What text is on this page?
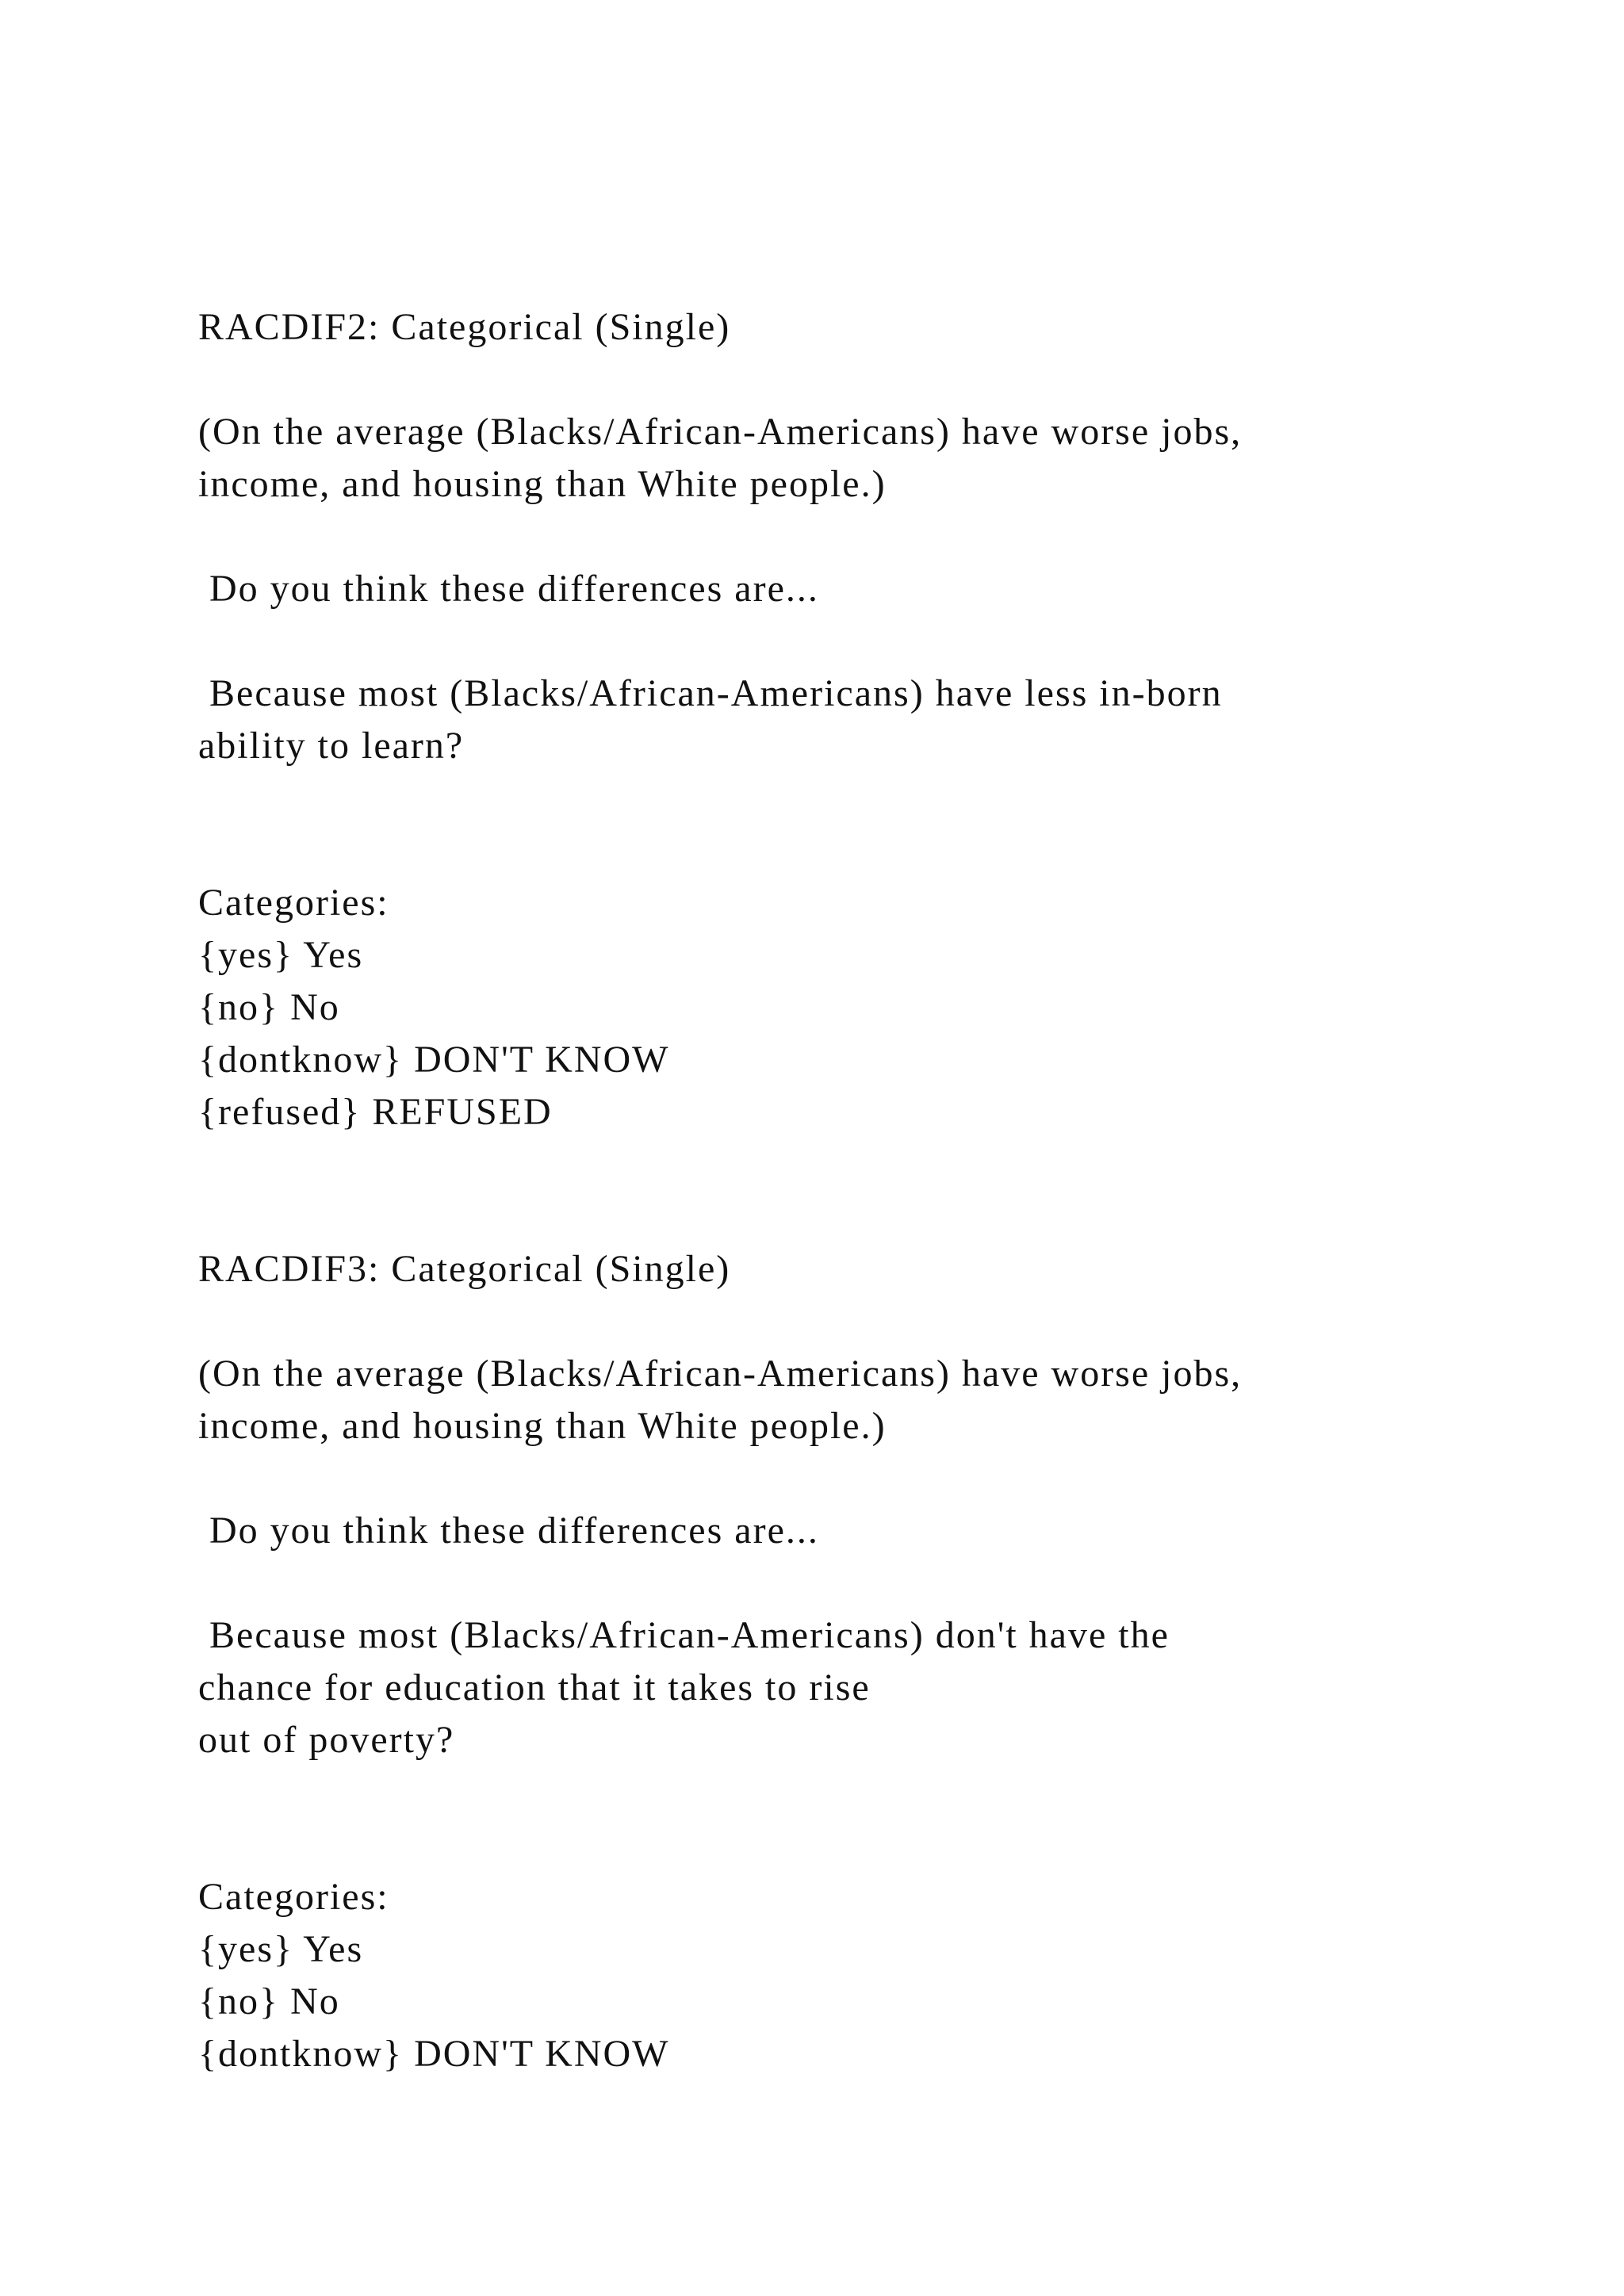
RACDIF2: Categorical (Single)
(On the average (Blacks/African-Americans) have worse jobs,
income, and housing than White people.)
Do you think these differences are...
Because most (Blacks/African-Americans) have less in-born
ability to learn?
Categories:
{yes} Yes
{no} No
{dontknow} DON'T KNOW
{refused} REFUSED
RACDIF3: Categorical (Single)
(On the average (Blacks/African-Americans) have worse jobs,
income, and housing than White people.)
Do you think these differences are...
Because most (Blacks/African-Americans) don't have the
chance for education that it takes to rise
out of poverty?
Categories:
{yes} Yes
{no} No
{dontknow} DON'T KNOW
